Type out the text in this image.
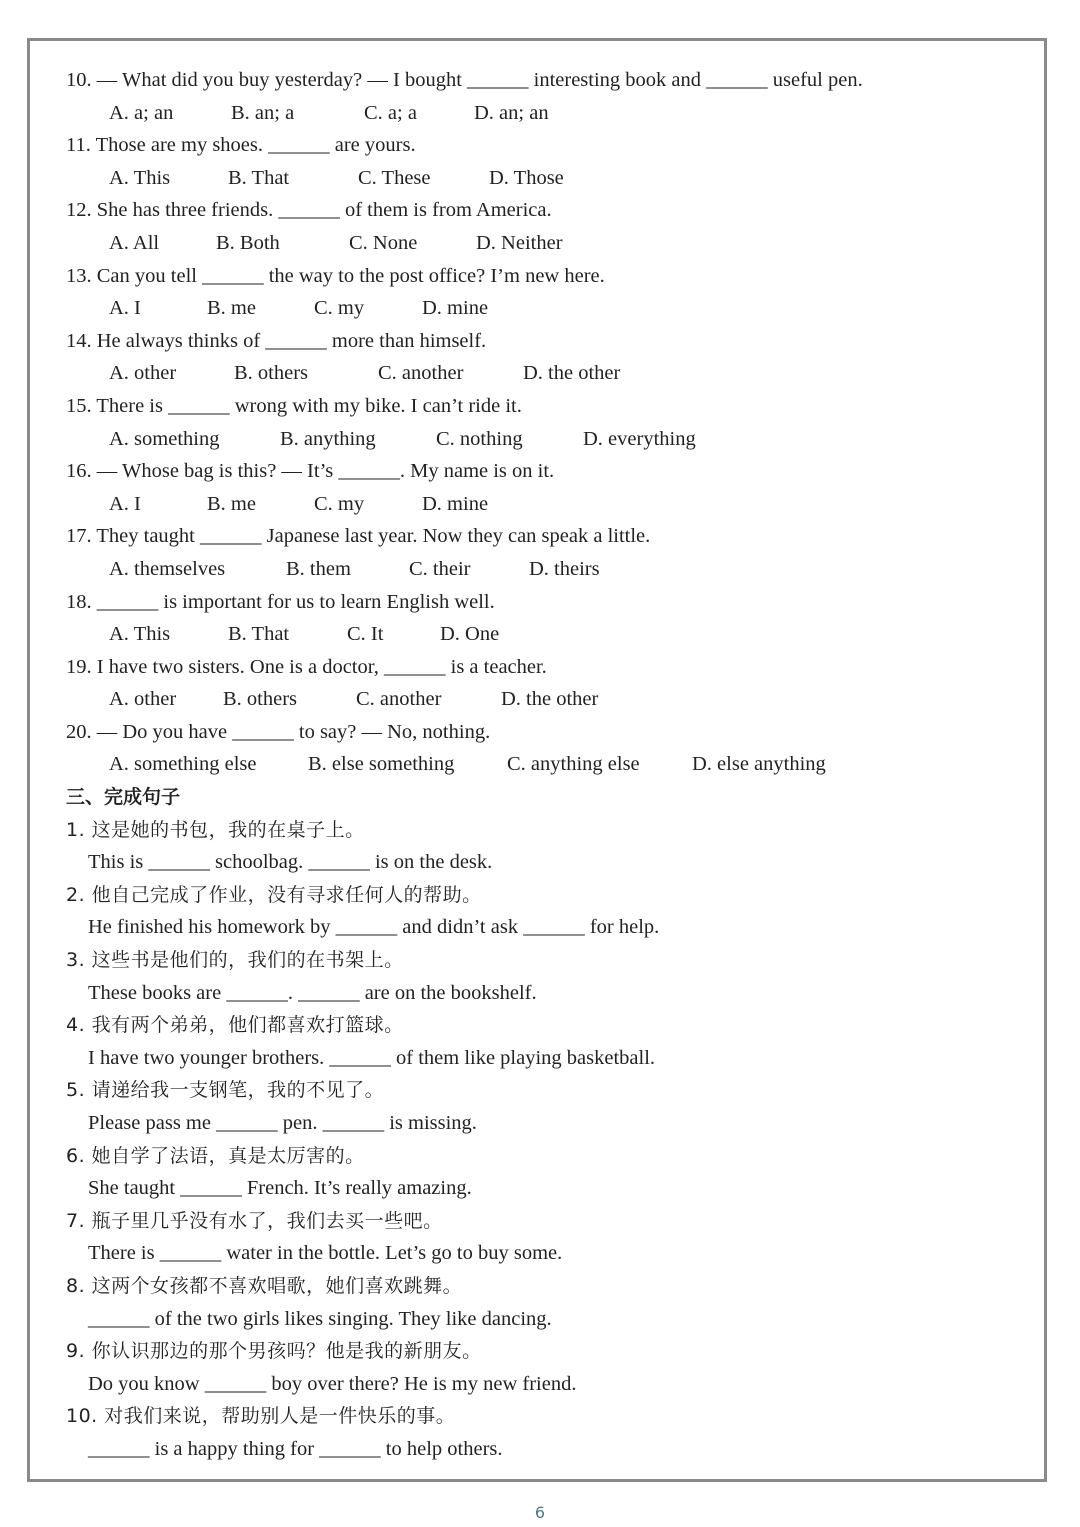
10. — What did you buy yesterday? — I bought ______ interesting book and ______ useful pen.
A. a; an	B. an; a	C. a; a	D. an; an
11. Those are my shoes. ______ are yours.
A. This	B. That	C. These	D. Those
12. She has three friends. ______ of them is from America.
A. All	B. Both	C. None	D. Neither
13. Can you tell ______ the way to the post office? I’m new here.
A. I	B. me	C. my	D. mine
14. He always thinks of ______ more than himself.
A. other	B. others	C. another	D. the other
15. There is ______ wrong with my bike. I can’t ride it.
A. something	B. anything	C. nothing	D. everything
16. — Whose bag is this? — It’s ______. My name is on it.
A. I	B. me	C. my	D. mine
17. They taught ______ Japanese last year. Now they can speak a little.
A. themselves	B. them	C. their	D. theirs
18. ______ is important for us to learn English well.
A. This	B. That	C. It	D. One
19. I have two sisters. One is a doctor, ______ is a teacher.
A. other B. others	C. another	D. the other
20. — Do you have ______ to say? — No, nothing.
A. something else	B. else something	C. anything else	D. else anything
三、完成句子
1. 这是她的书包，我的在桌子上。
This is ______ schoolbag. ______ is on the desk.
2. 他自己完成了作业，没有寻求任何人的帮助。
He finished his homework by ______ and didn’t ask ______ for help.
3. 这些书是他们的，我们的在书架上。
These books are ______. ______ are on the bookshelf.
4. 我有两个弟弟，他们都喜欢打篮球。
I have two younger brothers. ______ of them like playing basketball.
5. 请递给我一支钢笔，我的不见了。
Please pass me ______ pen. ______ is missing.
6. 她自学了法语，真是太厉害的。
She taught ______ French. It’s really amazing.
7. 瓶子里几乎没有水了，我们去买一些吧。
There is ______ water in the bottle. Let’s go to buy some.
8. 这两个女孩都不喜欢唱歌，她们喜欢跳舞。
______ of the two girls likes singing. They like dancing.
9. 你认识那边的那个男孩吗？他是我的新朋友。
Do you know ______ boy over there? He is my new friend.
10. 对我们来说，帮助别人是一件快乐的事。
______ is a happy thing for ______ to help others.
6
